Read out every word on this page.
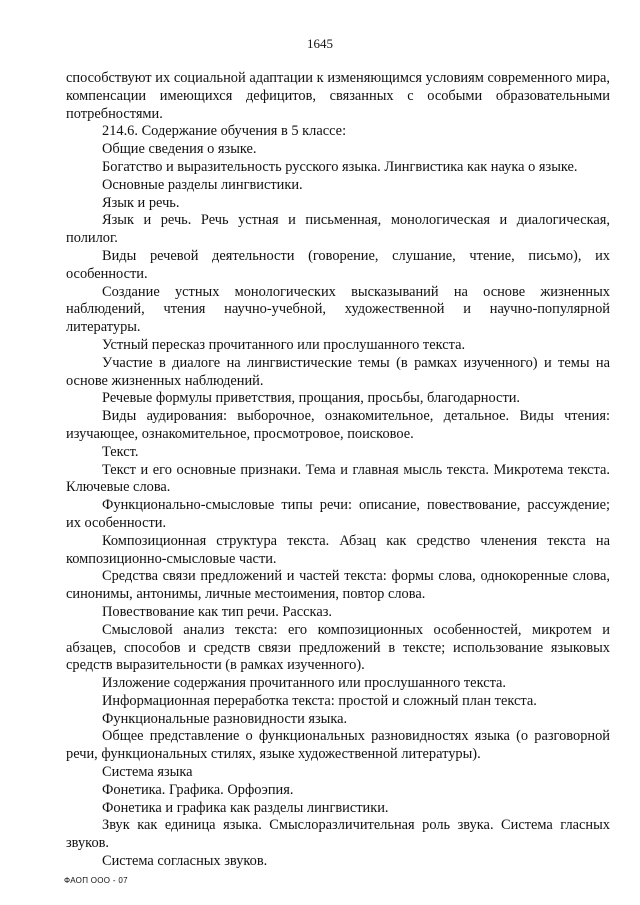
1645

способствуют их социальной адаптации к изменяющимся условиям современного мира, компенсации имеющихся дефицитов, связанных с особыми образовательными потребностями.

214.6. Содержание обучения в 5 классе:

Общие сведения о языке.

Богатство и выразительность русского языка. Лингвистика как наука о языке.

Основные разделы лингвистики.

Язык и речь.

Язык и речь. Речь устная и письменная, монологическая и диалогическая, полилог.

Виды речевой деятельности (говорение, слушание, чтение, письмо), их особенности.

Создание устных монологических высказываний на основе жизненных наблюдений, чтения научно-учебной, художественной и научно-популярной литературы.

Устный пересказ прочитанного или прослушанного текста.

Участие в диалоге на лингвистические темы (в рамках изученного) и темы на основе жизненных наблюдений.

Речевые формулы приветствия, прощания, просьбы, благодарности.

Виды аудирования: выборочное, ознакомительное, детальное. Виды чтения: изучающее, ознакомительное, просмотровое, поисковое.

Текст.

Текст и его основные признаки. Тема и главная мысль текста. Микротема текста. Ключевые слова.

Функционально-смысловые типы речи: описание, повествование, рассуждение; их особенности.

Композиционная структура текста. Абзац как средство членения текста на композиционно-смысловые части.

Средства связи предложений и частей текста: формы слова, однокоренные слова, синонимы, антонимы, личные местоимения, повтор слова.

Повествование как тип речи. Рассказ.

Смысловой анализ текста: его композиционных особенностей, микротем и абзацев, способов и средств связи предложений в тексте; использование языковых средств выразительности (в рамках изученного).

Изложение содержания прочитанного или прослушанного текста.

Информационная переработка текста: простой и сложный план текста.

Функциональные разновидности языка.

Общее представление о функциональных разновидностях языка (о разговорной речи, функциональных стилях, языке художественной литературы).

Система языка

Фонетика. Графика. Орфоэпия.

Фонетика и графика как разделы лингвистики.

Звук как единица языка. Смыслоразличительная роль звука. Система гласных звуков.

Система согласных звуков.

ФАОП ООО - 07
